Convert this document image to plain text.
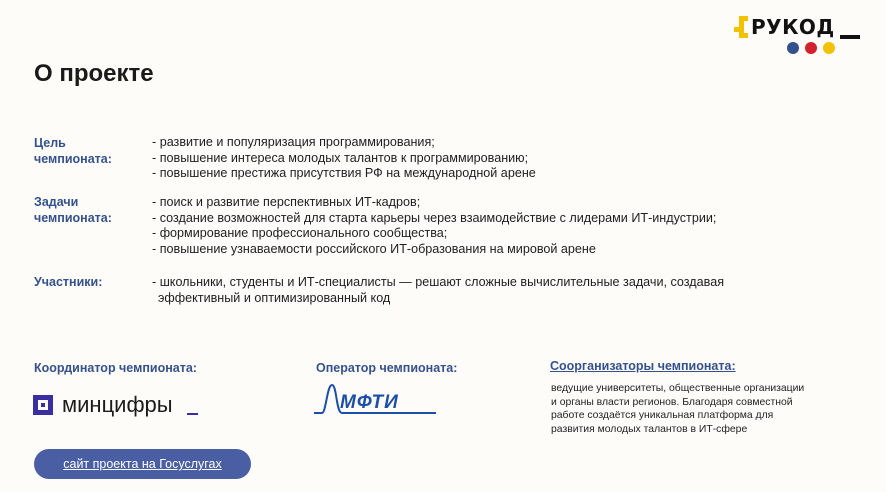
РУКОД
О проекте
Цель
чемпионата:
- развитие и популяризация программирования;
- повышение интереса молодых талантов к программированию;
- повышение престижа присутствия РФ на международной арене
Задачи
чемпионата:
- поиск и развитие перспективных ИТ-кадров;
- создание возможностей для старта карьеры через взаимодействие с лидерами ИТ-индустрии;
- формирование профессионального сообщества;
- повышение узнаваемости российского ИТ-образования на мировой арене
Участники:	- школьники, студенты и ИТ-специалисты — решают сложные вычислительные задачи, создавая
эффективный и оптимизированный код
Координатор чемпионата:
минцифры
Оператор чемпионата:
МФТИ
Соорганизаторы чемпионата:
ведущие университеты, общественные организации
и органы власти регионов. Благодаря совместной
работе создаётся уникальная платформа для
развития молодых талантов в ИТ-сфере
сайт проекта на Госуслугах
